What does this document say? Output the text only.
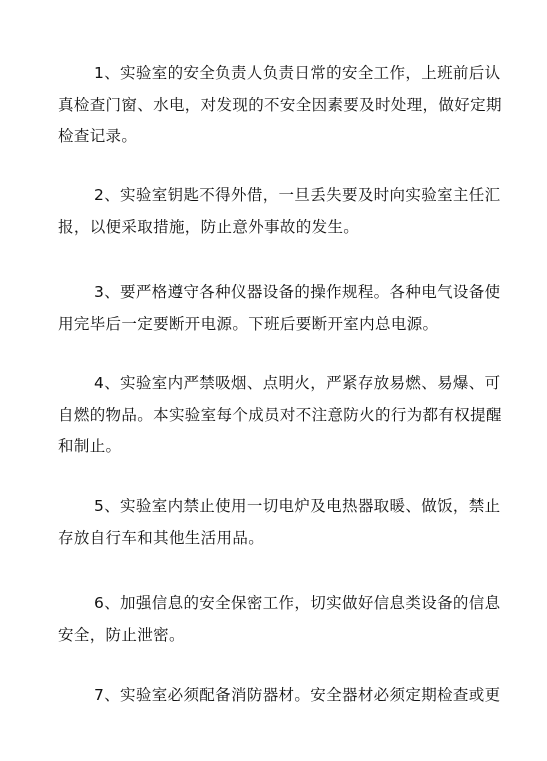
1、实验室的安全负责人负责日常的安全工作，上班前后认
真检查门窗、水电，对发现的不安全因素要及时处理，做好定期
检查记录。
2、实验室钥匙不得外借，一旦丢失要及时向实验室主任汇
报，以便采取措施，防止意外事故的发生。
3、要严格遵守各种仪器设备的操作规程。各种电气设备使
用完毕后一定要断开电源。下班后要断开室内总电源。
4、实验室内严禁吸烟、点明火，严紧存放易燃、易爆、可
自燃的物品。本实验室每个成员对不注意防火的行为都有权提醒
和制止。
5、实验室内禁止使用一切电炉及电热器取暖、做饭，禁止
存放自行车和其他生活用品。
6、加强信息的安全保密工作，切实做好信息类设备的信息
安全，防止泄密。
7、实验室必须配备消防器材。安全器材必须定期检查或更
